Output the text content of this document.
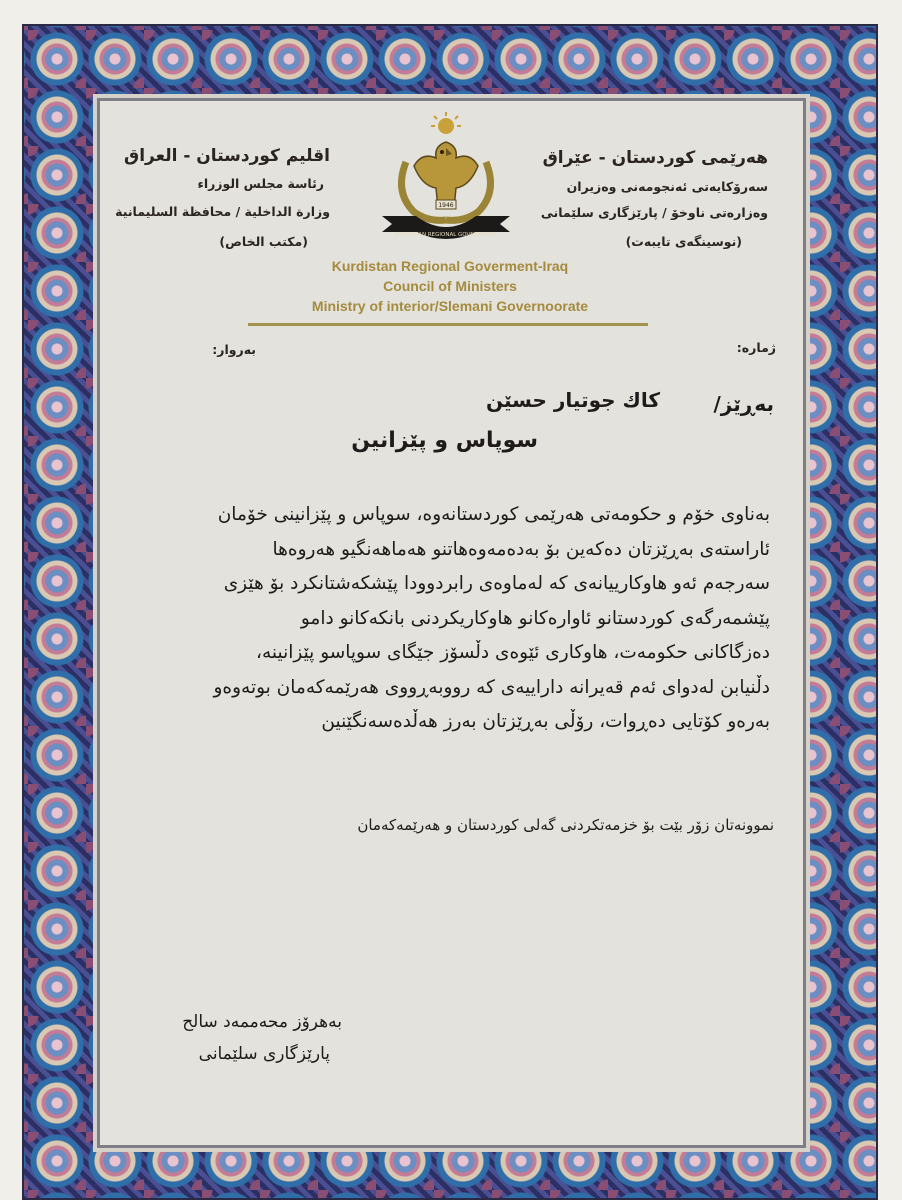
هەرێمی کوردستان - عێراق
سەرۆکایەتی ئەنجومەنی وەزیران
وەزارەتی ناوخۆ / پارێزگاری سلێمانی
(نوسینگەی تایبەت)
اقليم كوردستان - العراق
رئاسة مجلس الوزراء
وزارة الداخلية / محافظة السليمانية
(مكتب الخاص)
1946
KURDISTAN REGIONAL GOVERNMENT
Kurdistan Regional Goverment-Iraq
Council of Ministers
Ministry of interior/Slemani Governoorate
ژمارە:
بەروار:
بەڕێز/
کاك جوتیار حسێن
سوپاس و پێزانین
بەناوی خۆم و حکومەتی هەرێمی کوردستانەوە، سوپاس و پێزانینی خۆمان
ئاراستەی بەڕێزتان دەکەین بۆ بەدەمەوەهاتنو هەماهەنگیو هەروەها
سەرجەم ئەو هاوکارییانەی کە لەماوەی رابردوودا پێشکەشتانکرد بۆ هێزی
پێشمەرگەی کوردستانو ئاوارەکانو هاوکاریکردنی بانکەکانو دامو
دەزگاکانی حکومەت، هاوکاری ئێوەی دڵسۆز جێگای سوپاسو پێزانینە،
دڵنیابن لەدوای ئەم قەیرانە داراییەی کە رووبەڕووی هەرێمەکەمان بوتەوەو
بەرەو کۆتایی دەڕوات، رۆڵی بەڕێزتان بەرز هەڵدەسەنگێنین
نموونەتان زۆر بێت بۆ خزمەتکردنی گەلی کوردستان و هەرێمەکەمان
بەهرۆز محەممەد سالح
پارێزگاری سلێمانی
